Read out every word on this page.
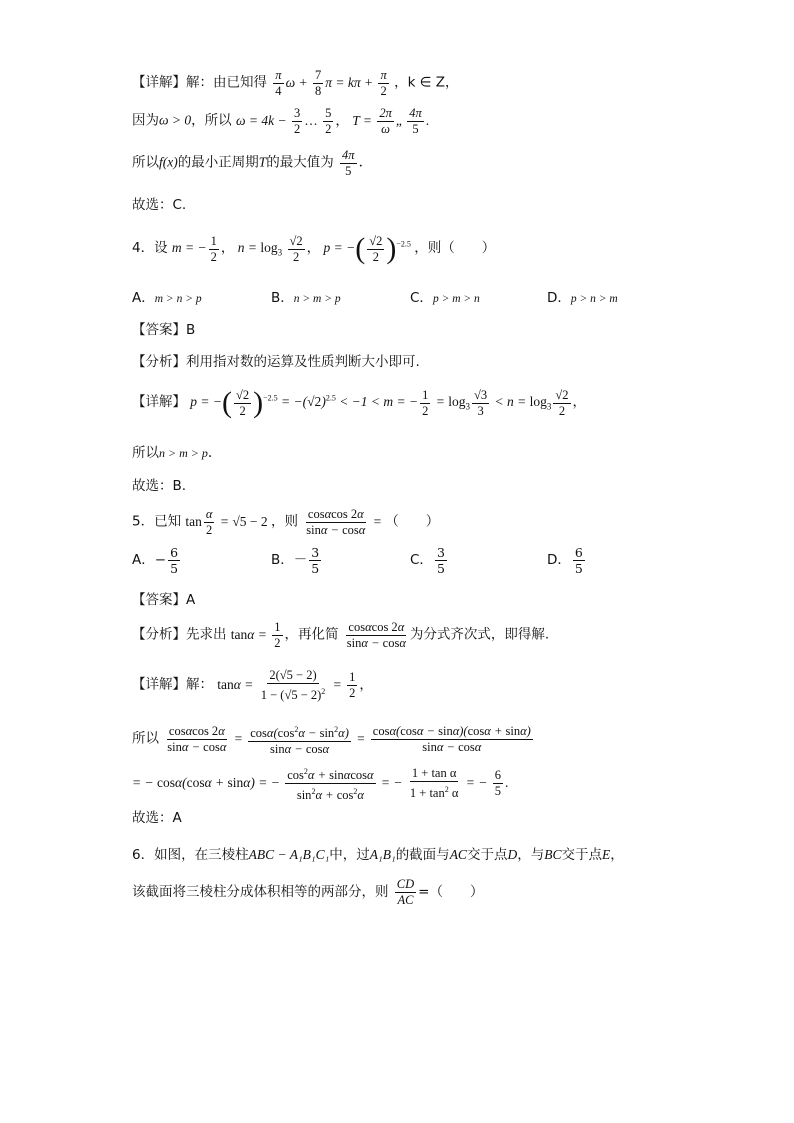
【详解】解：由已知得 $\frac{\pi}{4}$ $\omega + \frac{7}{8}$ $\pi = k\pi + \frac{\pi}{2}$ ，k ∈ Z，
因为ω > 0，所以 $\omega = 4k - \frac{3}{2}$ … $\frac{5}{2}$ ， $T = \frac{2\pi}{\omega}$ „ $\frac{4\pi}{5}$ .
所以f(x)的最小正周期T的最大值为 $\frac{4\pi}{5}$ .
故选：C.
4．设 m = − $\frac{1}{2}$ ， $n = \log_3 \frac{√2}{2}$ ， p = −( $\frac{√2}{2} )^{-2.5}$ ，则（　　）
A．m > n > p	B．n > m > p	C．p > m > n	D．p > n > m
【答案】B
【分析】利用指对数的运算及性质判断大小即可.
【详解】 p = −( $\frac{√2}{2} )^{-2.5} = -(√2)^{2.5} < -1 < m$ = − $\frac{1}{2} = \log_3 \frac{√3}{3} < n = \log_3 \frac{√2}{2}$ ，
所以n > m > p.
故选：B.
5．已知 $\tan \frac{\alpha}{2} = √5 - 2$ ，则 $\frac{\cos\alpha\cos 2\alpha}{\sin\alpha - \cos\alpha}$ = （　　）
A．− $\frac{6}{5}$	B．－ $\frac{3}{5}$	C． $\frac{3}{5}$	D． $\frac{6}{5}$
【答案】A
【分析】先求出 $\tan\alpha = \frac{1}{2}$ ，再化简 $\frac{\cos\alpha\cos 2\alpha}{\sin\alpha - \cos\alpha}$ 为分式齐次式，即得解.
【详解】解： $\tan\alpha = \frac{2(√5 - 2)}{1 - (√5 - 2)^2} = \frac{1}{2}$ ，
所以 $\frac{\cos\alpha\cos 2\alpha}{\sin\alpha - \cos\alpha} = \frac{\cos\alpha(\cos^2\alpha - \sin^2\alpha)}{\sin\alpha - \cos\alpha} = \frac{\cos\alpha(\cos\alpha - \sin\alpha)(\cos\alpha + \sin\alpha)}{\sin\alpha - \cos\alpha}$
= − cosα(cosα + sinα) = − $\frac{\cos^2\alpha + \sin\alpha\cos\alpha}{\sin^2\alpha + \cos^2\alpha}$ = − $\frac{\text{1 + tan α}}{1 + \tan^2 \alpha}$ = − $\frac{6}{5}$ .
故选：A
6．如图，在三棱柱ABC − A₁B₁C₁中，过A₁B₁的截面与AC交于点D，与BC交于点E，
该截面将三棱柱分成体积相等的两部分，则 $\frac{CD}{AC}$ =（　　）
